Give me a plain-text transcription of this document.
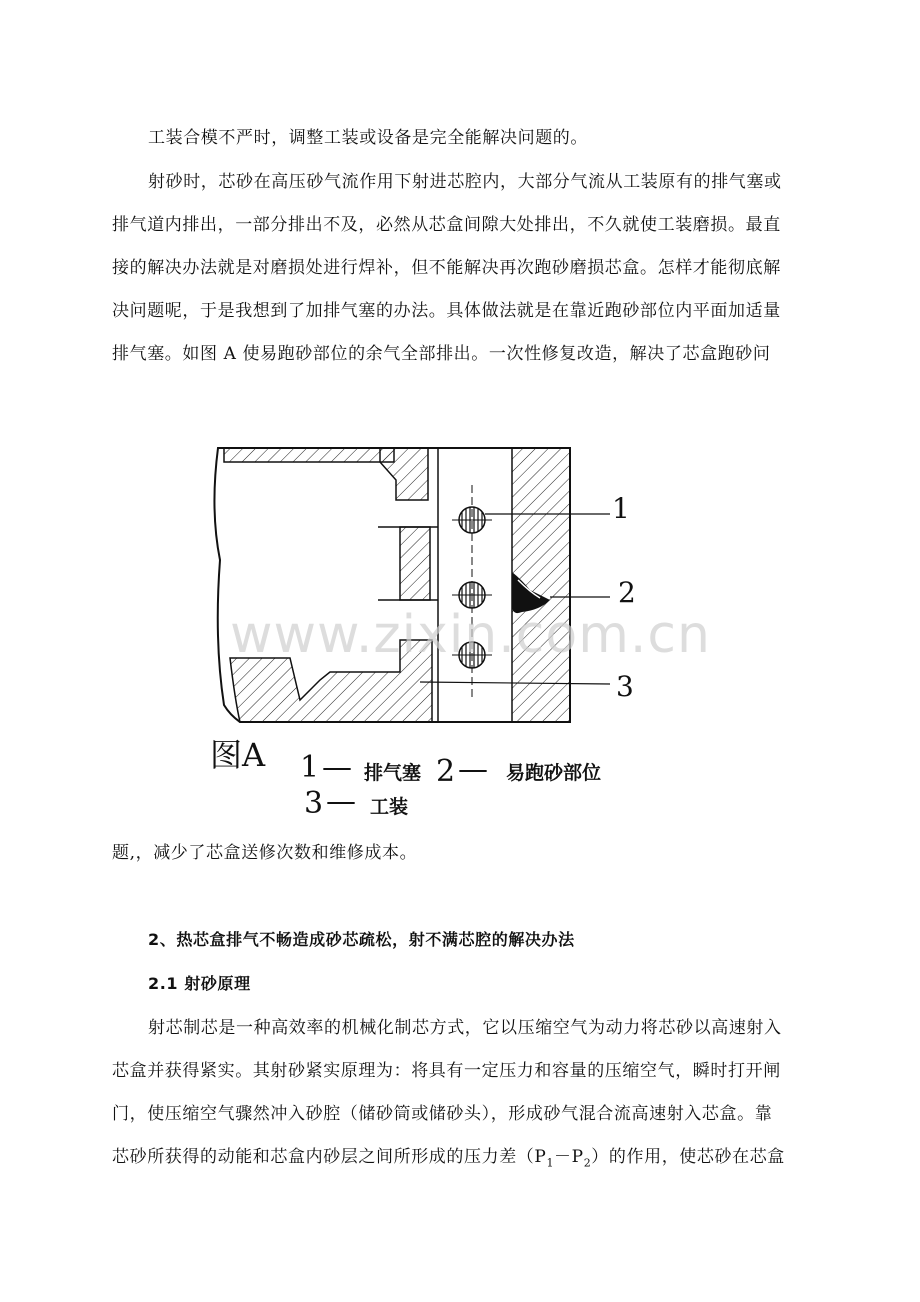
工装合模不严时，调整工装或设备是完全能解决问题的。
射砂时，芯砂在高压砂气流作用下射进芯腔内，大部分气流从工装原有的排气塞或
排气道内排出，一部分排出不及，必然从芯盒间隙大处排出，不久就使工装磨损。最直
接的解决办法就是对磨损处进行焊补，但不能解决再次跑砂磨损芯盒。怎样才能彻底解
决问题呢，于是我想到了加排气塞的办法。具体做法就是在靠近跑砂部位内平面加适量
排气塞。如图 A 使易跑砂部位的余气全部排出。一次性修复改造，解决了芯盒跑砂问
1
2
3
www.zixin.com.cn
图A 1 — 排气塞 2 — 易跑砂部位
3 — 工装
题,，减少了芯盒送修次数和维修成本。
2、热芯盒排气不畅造成砂芯疏松，射不满芯腔的解决办法
2.1 射砂原理
射芯制芯是一种高效率的机械化制芯方式，它以压缩空气为动力将芯砂以高速射入
芯盒并获得紧实。其射砂紧实原理为：将具有一定压力和容量的压缩空气，瞬时打开闸
门，使压缩空气骤然冲入砂腔（储砂筒或储砂头），形成砂气混合流高速射入芯盒。靠
芯砂所获得的动能和芯盒内砂层之间所形成的压力差$(P_1-P_2)$的作用，使芯砂在芯盒
